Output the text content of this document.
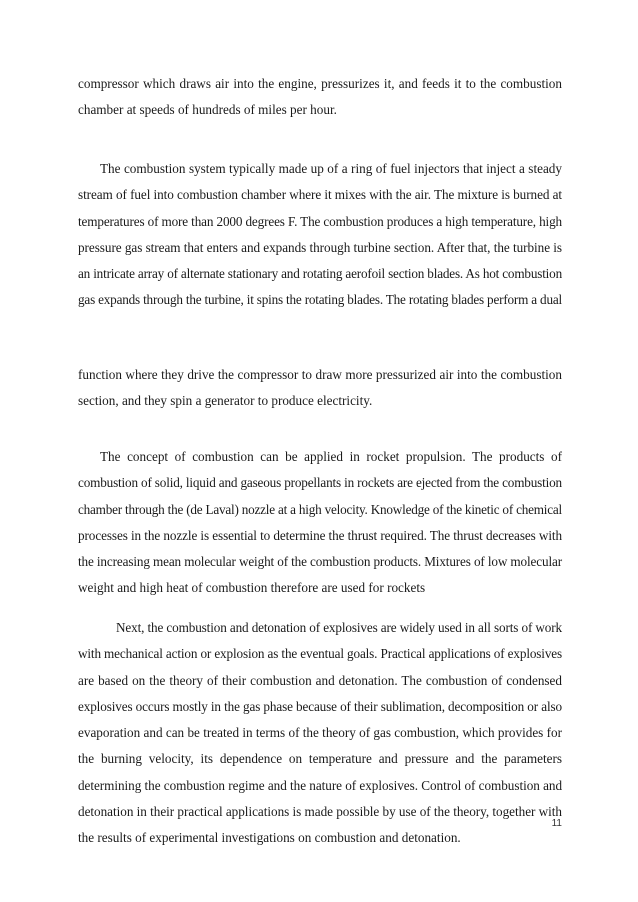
compressor which draws air into the engine, pressurizes it, and feeds it to the combustion
chamber at speeds of hundreds of miles per hour.
The combustion system typically made up of a ring of fuel injectors that inject a steady
stream of fuel into combustion chamber where it mixes with the air. The mixture is burned at
temperatures of more than 2000 degrees F. The combustion produces a high temperature, high
pressure gas stream that enters and expands through turbine section. After that, the turbine is
an intricate array of alternate stationary and rotating aerofoil section blades. As hot combustion
gas expands through the turbine, it spins the rotating blades. The rotating blades perform a dual
function where they drive the compressor to draw more pressurized air into the combustion
section, and they spin a generator to produce electricity.
The concept of combustion can be applied in rocket propulsion. The products of
combustion of solid, liquid and gaseous propellants in rockets are ejected from the combustion
chamber through the (de Laval) nozzle at a high velocity. Knowledge of the kinetic of chemical
processes in the nozzle is essential to determine the thrust required. The thrust decreases with
the increasing mean molecular weight of the combustion products. Mixtures of low molecular
weight and high heat of combustion therefore are used for rockets
Next, the combustion and detonation of explosives are widely used in all sorts of work
with mechanical action or explosion as the eventual goals. Practical applications of explosives
are based on the theory of their combustion and detonation. The combustion of condensed
explosives occurs mostly in the gas phase because of their sublimation, decomposition or also
evaporation and can be treated in terms of the theory of gas combustion, which provides for
the burning velocity, its dependence on temperature and pressure and the parameters
determining the combustion regime and the nature of explosives. Control of combustion and
detonation in their practical applications is made possible by use of the theory, together with
the results of experimental investigations on combustion and detonation.
11
